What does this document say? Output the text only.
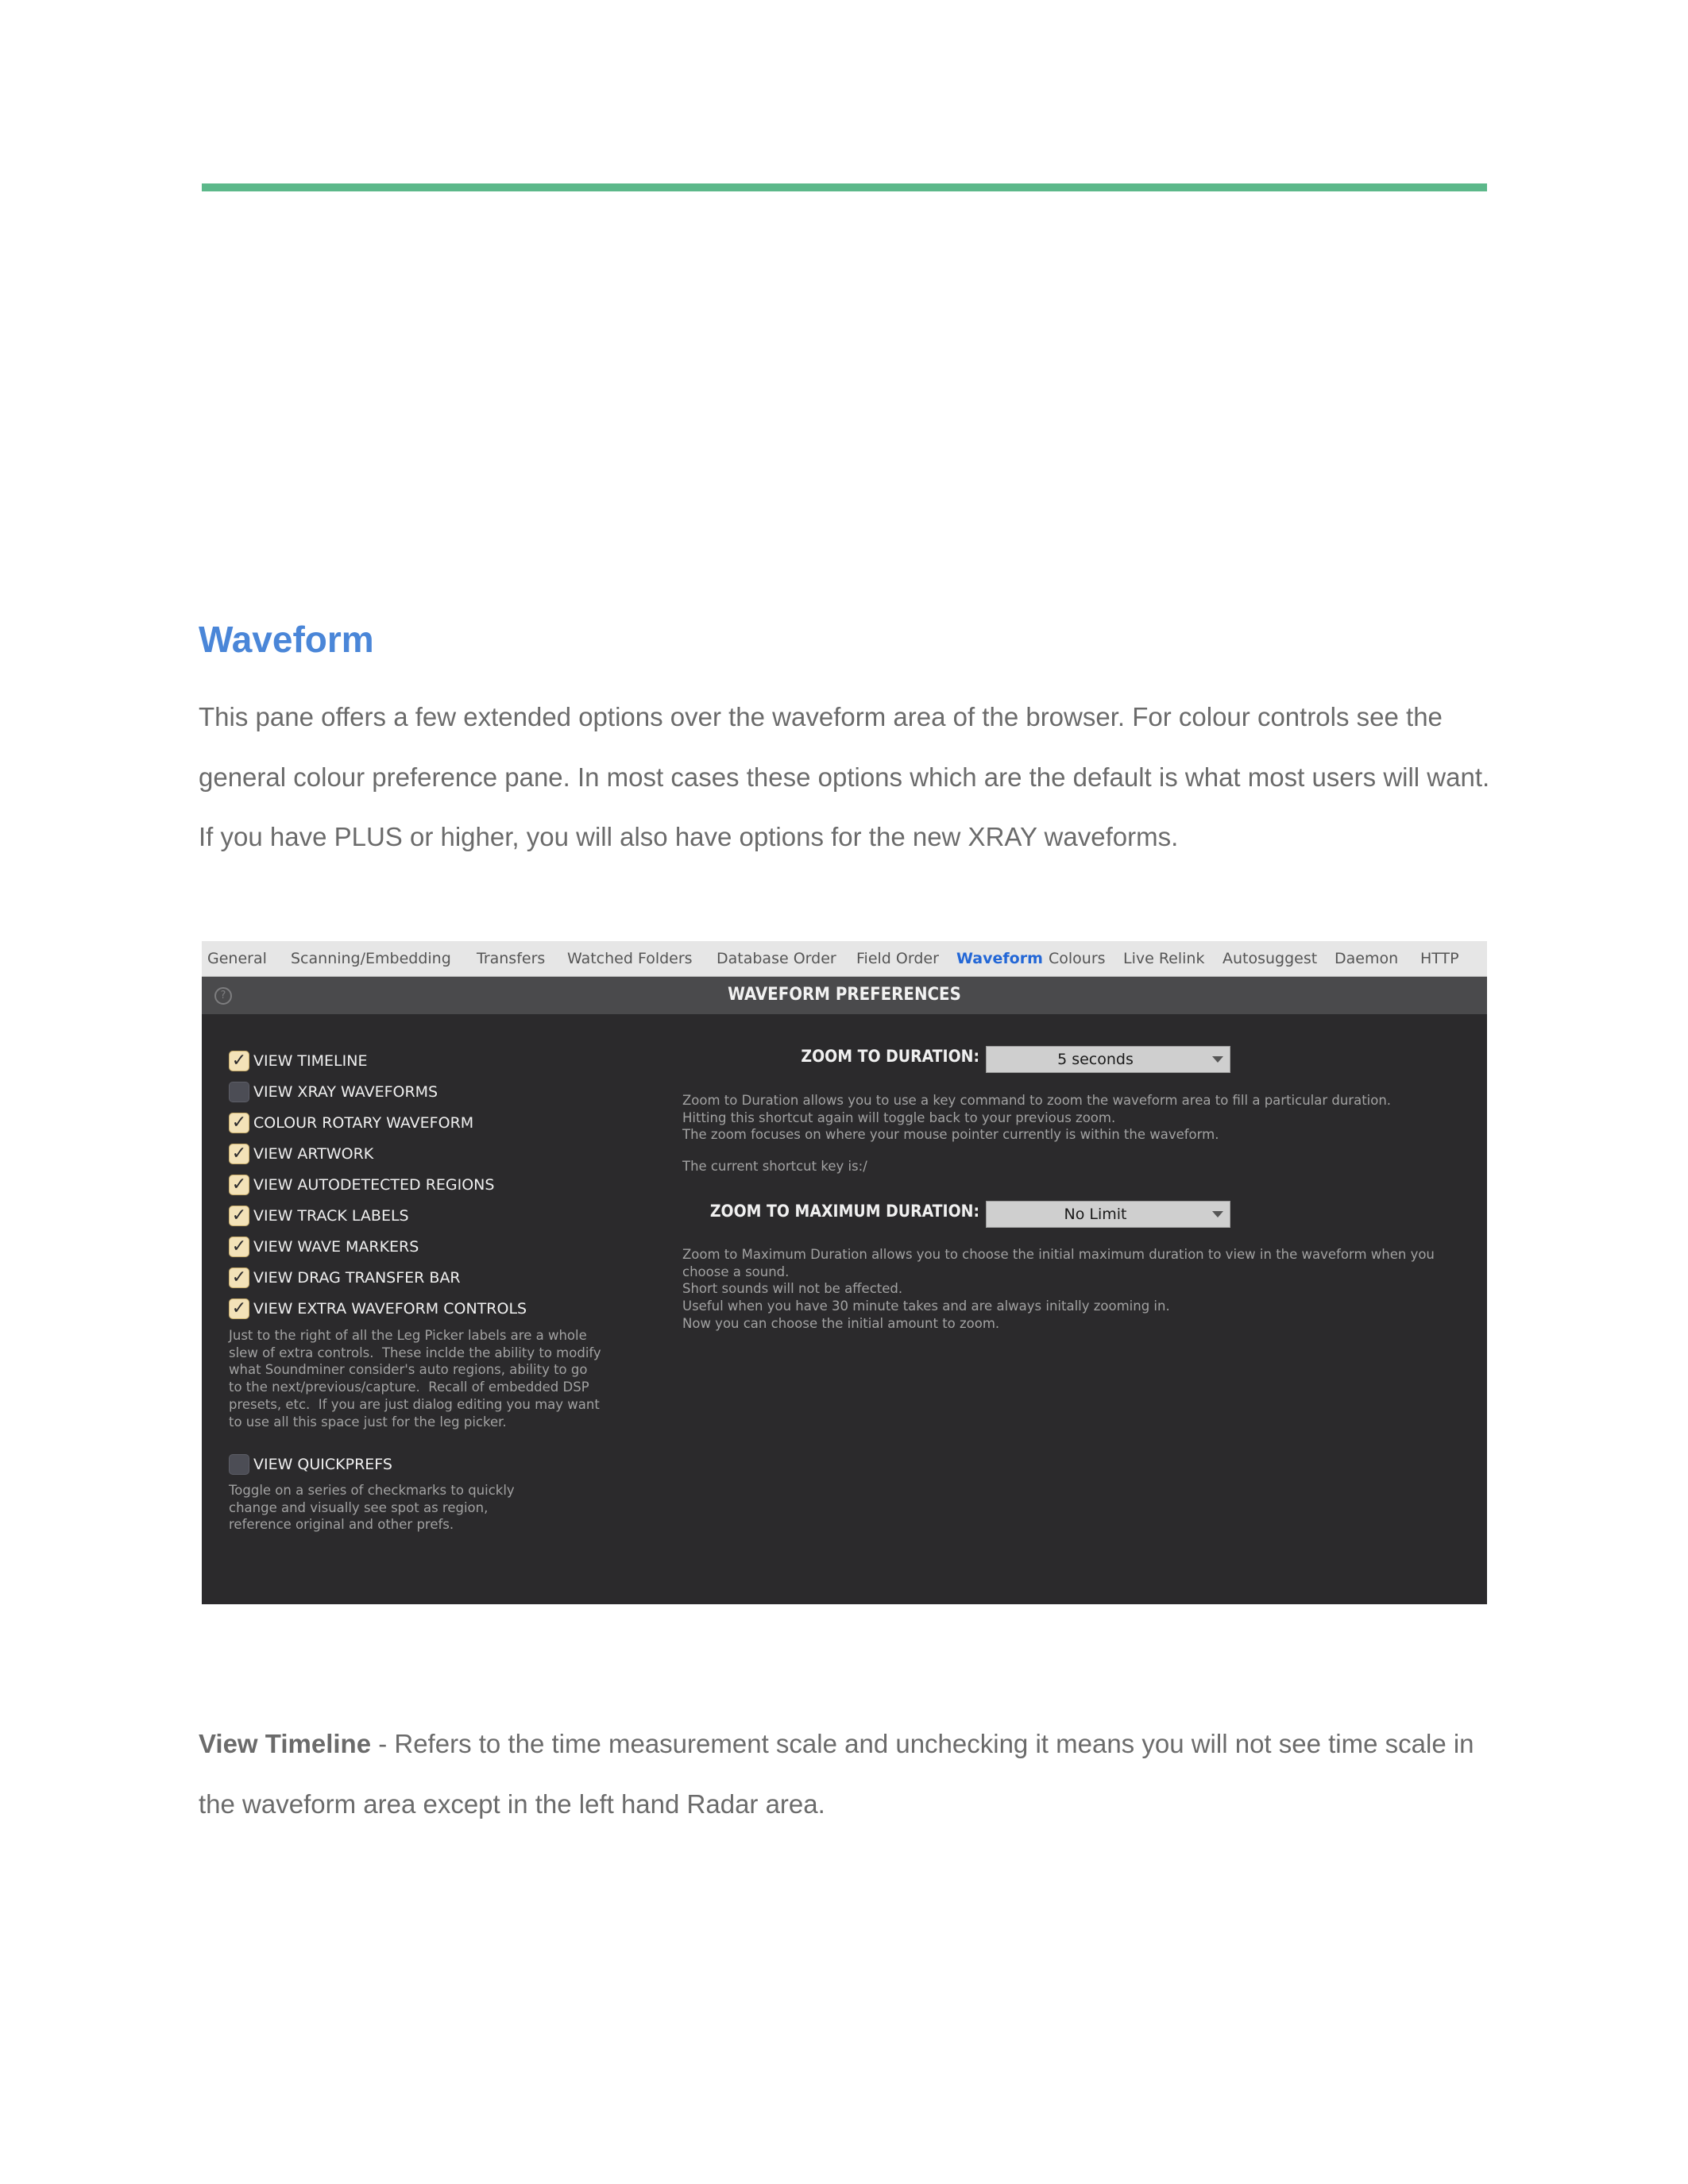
Waveform

This pane offers a few extended options over the waveform area of the browser. For colour controls see the general colour preference pane. In most cases these options which are the default is what most users will want. If you have PLUS or higher, you will also have options for the new XRAY waveforms.

General Scanning/Embedding Transfers Watched Folders Database Order Field Order Waveform Colours Live Relink Autosuggest Daemon HTTP
?	WAVEFORM PREFERENCES
✓ VIEW TIMELINE
VIEW XRAY WAVEFORMS
✓ COLOUR ROTARY WAVEFORM
✓ VIEW ARTWORK
✓ VIEW AUTODETECTED REGIONS
✓ VIEW TRACK LABELS
✓ VIEW WAVE MARKERS
✓ VIEW DRAG TRANSFER BAR
✓ VIEW EXTRA WAVEFORM CONTROLS
Just to the right of all the Leg Picker labels are a whole
slew of extra controls.  These inclde the ability to modify
what Soundminer consider's auto regions, ability to go
to the next/previous/capture.  Recall of embedded DSP
presets, etc.  If you are just dialog editing you may want
to use all this space just for the leg picker.
VIEW QUICKPREFS
Toggle on a series of checkmarks to quickly
change and visually see spot as region,
reference original and other prefs.
ZOOM TO DURATION:	5 seconds
Zoom to Duration allows you to use a key command to zoom the waveform area to fill a particular duration.
Hitting this shortcut again will toggle back to your previous zoom.
The zoom focuses on where your mouse pointer currently is within the waveform.
The current shortcut key is:/
ZOOM TO MAXIMUM DURATION:	No Limit
Zoom to Maximum Duration allows you to choose the initial maximum duration to view in the waveform when you
choose a sound.
Short sounds will not be affected.
Useful when you have 30 minute takes and are always initally zooming in.
Now you can choose the initial amount to zoom.

View Timeline - Refers to the time measurement scale and unchecking it means you will not see time scale in the waveform area except in the left hand Radar area.
